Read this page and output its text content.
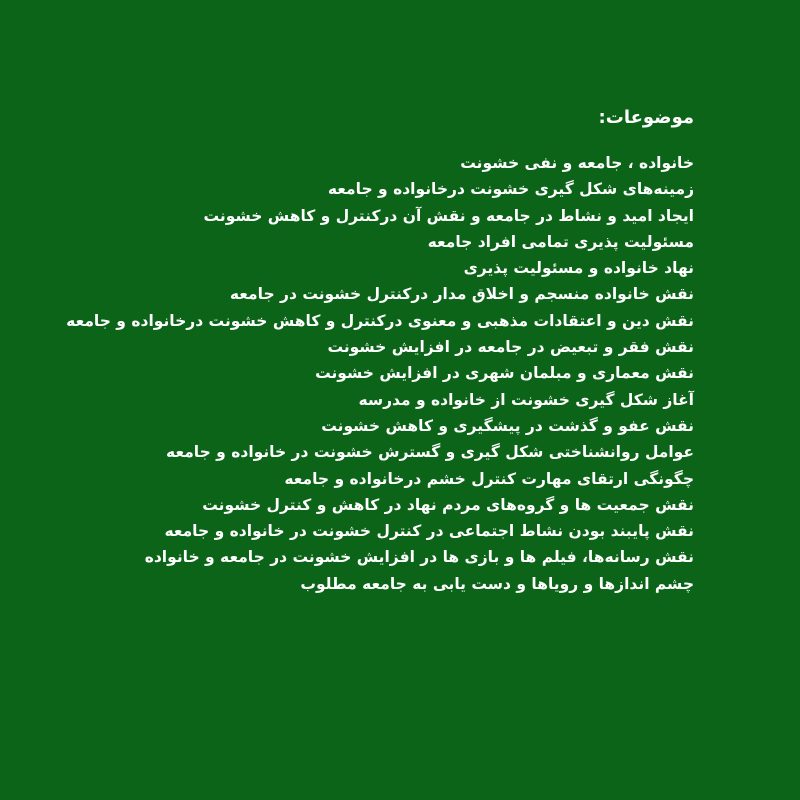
موضوعات:
خانواده ، جامعه و نفی خشونت
زمینه‌های شکل گیری خشونت درخانواده و جامعه
ایجاد امید و نشاط در جامعه و نقش آن درکنترل و کاهش خشونت
مسئولیت پذیری تمامی افراد جامعه
نهاد خانواده و مسئولیت پذیری
نقش خانواده منسجم و اخلاق مدار درکنترل خشونت در جامعه
نقش دین و اعتقادات مذهبی و معنوی درکنترل و کاهش خشونت درخانواده و جامعه
نقش فقر و تبعیض در جامعه در افزایش خشونت
نقش معماری و مبلمان شهری در افزایش خشونت
آغاز شکل گیری خشونت از خانواده و مدرسه
نقش عفو و گذشت در پیشگیری و کاهش خشونت
عوامل روانشناختی شکل گیری و گسترش خشونت در خانواده و جامعه
چگونگی ارتقای مهارت کنترل خشم درخانواده و جامعه
نقش جمعیت ها و گروه‌های مردم نهاد در کاهش و کنترل خشونت
نقش پایبند بودن نشاط اجتماعی در کنترل خشونت در خانواده و جامعه
نقش رسانه‌ها، فیلم ها و بازی ها در افزایش خشونت در جامعه و خانواده
چشم اندازها و رویاها و دست یابی به جامعه مطلوب
